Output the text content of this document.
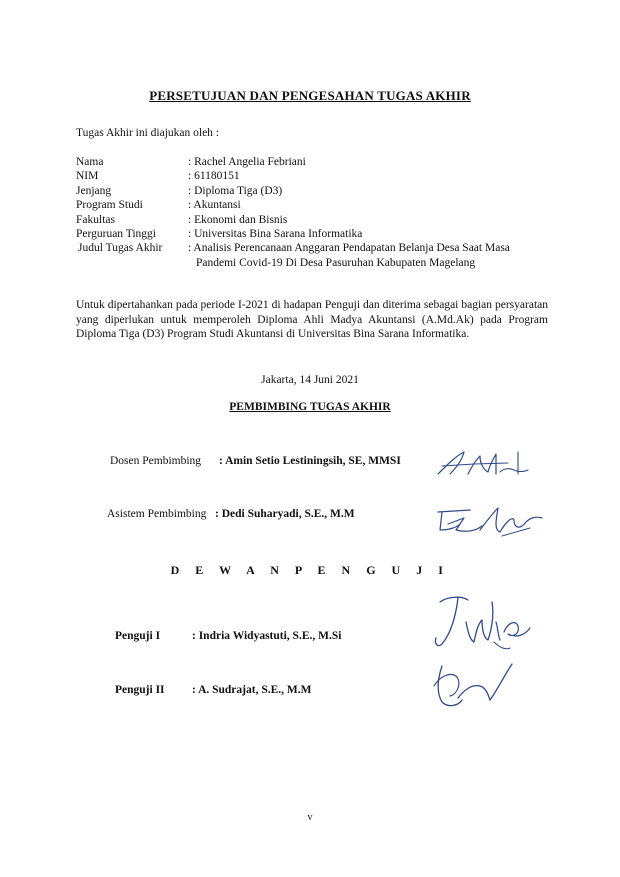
PERSETUJUAN DAN PENGESAHAN TUGAS AKHIR
Tugas Akhir ini diajukan oleh :
Nama	: Rachel Angelia Febriani
NIM	: 61180151
Jenjang	: Diploma Tiga (D3)
Program Studi	: Akuntansi
Fakultas	: Ekonomi dan Bisnis
Perguruan Tinggi	: Universitas Bina Sarana Informatika
Judul Tugas Akhir	: Analisis Perencanaan Anggaran Pendapatan Belanja Desa Saat Masa Pandemi Covid-19 Di Desa Pasuruhan Kabupaten Magelang
Untuk dipertahankan pada periode I-2021 di hadapan Penguji dan diterima sebagai bagian persyaratan yang diperlukan untuk memperoleh Diploma Ahli Madya Akuntansi (A.Md.Ak) pada Program Diploma Tiga (D3) Program Studi Akuntansi di Universitas Bina Sarana Informatika.
Jakarta, 14 Juni 2021
PEMBIMBING TUGAS AKHIR
Dosen Pembimbing : Amin Setio Lestiningsih, SE, MMSI
Asistem Pembimbing : Dedi Suharyadi, S.E., M.M
D E W A N P E N G U J I
Penguji I	: Indria Widyastuti, S.E., M.Si
Penguji II : A. Sudrajat, S.E., M.M
v
